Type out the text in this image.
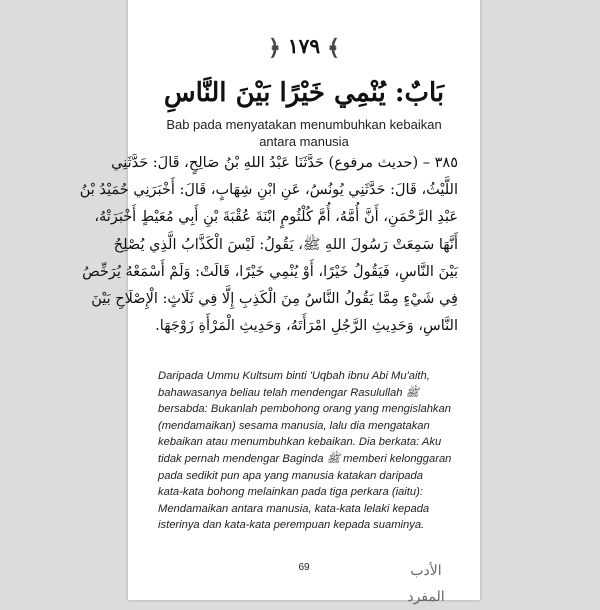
﴿ ١٧٩ ﴾
بَابٌ: يُنْمِي خَيْرًا بَيْنَ النَّاسِ
Bab pada menyatakan menumbuhkan kebaikan antara manusia
٣٨٥ – (حديث مرفوع) حَدَّثَنَا عَبْدُ اللهِ بْنُ صَالِحٍ، قَالَ: حَدَّثَنِي
اللَّيْثُ، قَالَ: حَدَّثَنِي يُونُسُ، عَنِ ابْنِ شِهَابٍ، قَالَ: أَخْبَرَنِي حُمَيْدُ بْنُ
عَبْدِ الرَّحْمَنِ، أَنَّ أُمَّهُ، أُمَّ كُلْثُومٍ ابْنَةَ عُقْبَةَ بْنِ أَبِي مُعَيْطٍ أَخْبَرَتْهُ،
أَنَّهَا سَمِعَتْ رَسُولَ اللهِ ﷺ، يَقُولُ: لَيْسَ الْكَذَّابُ الَّذِي يُصْلِحُ
بَيْنَ النَّاسِ، فَيَقُولُ خَيْرًا، أَوْ يُنْمِي خَيْرًا، قَالَتْ: وَلَمْ أَسْمَعْهُ يُرَخِّصُ
فِي شَيْءٍ مِمَّا يَقُولُ النَّاسُ مِنَ الْكَذِبِ إِلَّا فِي ثَلَاثٍ: الْإِصْلَاحِ بَيْنَ
النَّاسِ، وَحَدِيثِ الرَّجُلِ امْرَأَتَهُ، وَحَدِيثِ الْمَرْأَةِ زَوْجَهَا.
Daripada Ummu Kultsum binti 'Uqbah ibnu Abi Mu'aith,
bahawasanya beliau telah mendengar Rasulullah ﷺ
bersabda: Bukanlah pembohong orang yang mengislahkan
(mendamaikan) sesama manusia, lalu dia mengatakan
kebaikan atau menumbuhkan kebaikan. Dia berkata: Aku
tidak pernah mendengar Baginda ﷺ memberi kelonggaran
pada sedikit pun apa yang manusia katakan daripada
kata-kata bohong melainkan pada tiga perkara (iaitu):
Mendamaikan antara manusia, kata-kata lelaki kepada
isterinya dan kata-kata perempuan kepada suaminya.
69	الأدب المفرد
